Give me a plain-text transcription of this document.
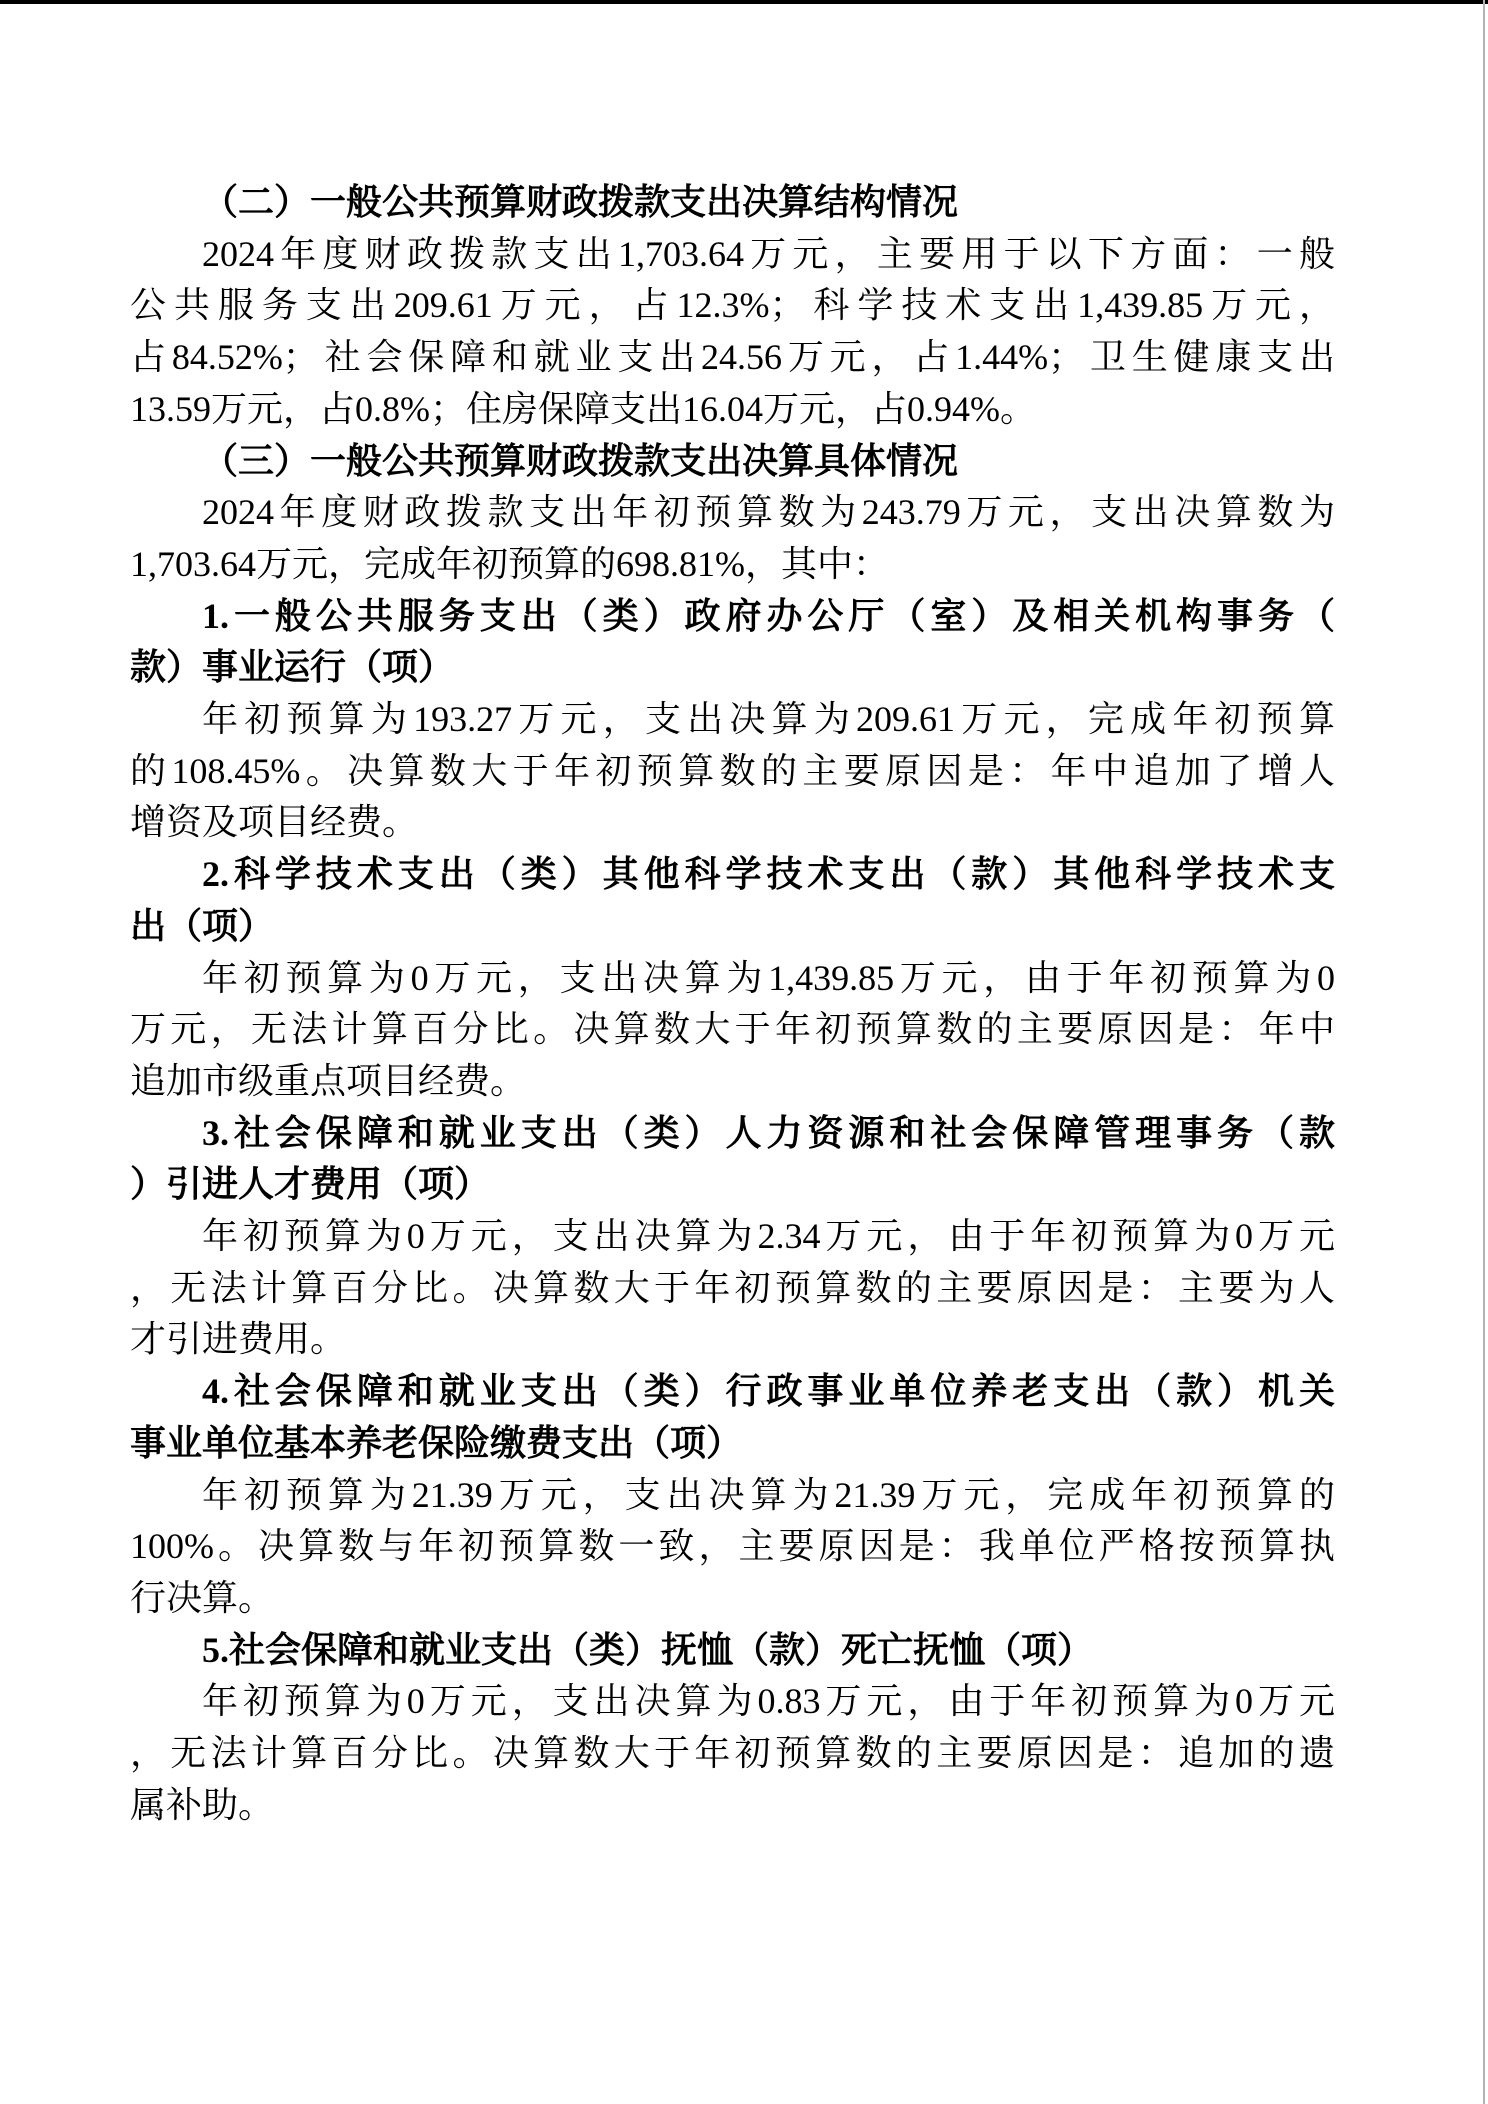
（二）一般公共预算财政拨款支出决算结构情况
2024年度财政拨款支出1,703.64万元，主要用于以下方面：一般
公共服务支出209.61万元，占12.3%；科学技术支出1,439.85万元，
占84.52%；社会保障和就业支出24.56万元，占1.44%；卫生健康支出
13.59万元，占0.8%；住房保障支出16.04万元，占0.94%。
（三）一般公共预算财政拨款支出决算具体情况
2024年度财政拨款支出年初预算数为243.79万元，支出决算数为
1,703.64万元，完成年初预算的698.81%，其中：
1.一般公共服务支出（类）政府办公厅（室）及相关机构事务（
款）事业运行（项）
年初预算为193.27万元，支出决算为209.61万元，完成年初预算
的108.45%。决算数大于年初预算数的主要原因是：年中追加了增人
增资及项目经费。
2.科学技术支出（类）其他科学技术支出（款）其他科学技术支
出（项）
年初预算为0万元，支出决算为1,439.85万元，由于年初预算为0
万元，无法计算百分比。决算数大于年初预算数的主要原因是：年中
追加市级重点项目经费。
3.社会保障和就业支出（类）人力资源和社会保障管理事务（款
）引进人才费用（项）
年初预算为0万元，支出决算为2.34万元，由于年初预算为0万元
，无法计算百分比。决算数大于年初预算数的主要原因是：主要为人
才引进费用。
4.社会保障和就业支出（类）行政事业单位养老支出（款）机关
事业单位基本养老保险缴费支出（项）
年初预算为21.39万元，支出决算为21.39万元，完成年初预算的
100%。决算数与年初预算数一致，主要原因是：我单位严格按预算执
行决算。
5.社会保障和就业支出（类）抚恤（款）死亡抚恤（项）
年初预算为0万元，支出决算为0.83万元，由于年初预算为0万元
，无法计算百分比。决算数大于年初预算数的主要原因是：追加的遗
属补助。
